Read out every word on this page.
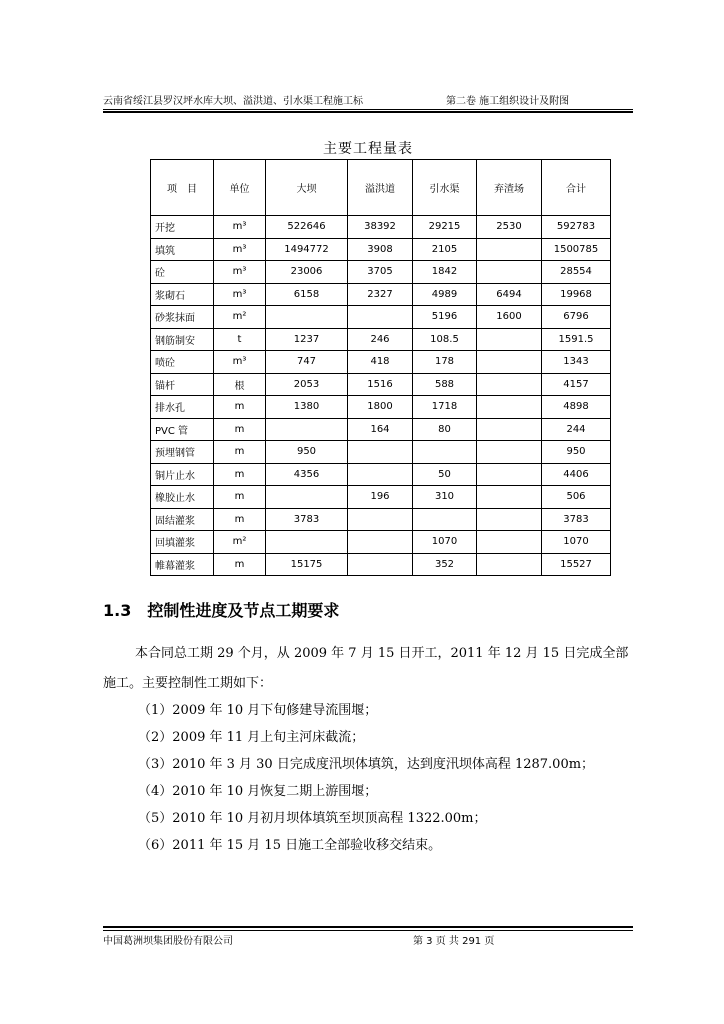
云南省绥江县罗汉坪水库大坝、溢洪道、引水渠工程施工标	第二卷 施工组织设计及附图
主要工程量表
项　目	单位	大坝	溢洪道	引水渠	弃渣场	合计
开挖	m³	522646	38392	29215	2530	592783
填筑	m³	1494772	3908	2105		1500785
砼	m³	23006	3705	1842		28554
浆砌石	m³	6158	2327	4989	6494	19968
砂浆抹面	m²			5196	1600	6796
钢筋制安	t	1237	246	108.5		1591.5
喷砼	m³	747	418	178		1343
锚杆	根	2053	1516	588		4157
排水孔	m	1380	1800	1718		4898
PVC 管	m		164	80		244
预埋钢管	m	950				950
铜片止水	m	4356		50		4406
橡胶止水	m		196	310		506
固结灌浆	m	3783				3783
回填灌浆	m²			1070		1070
帷幕灌浆	m	15175		352		15527
1.3 控制性进度及节点工期要求
本合同总工期 29 个月，从 2009 年 7 月 15 日开工，2011 年 12 月 15 日完成全部
施工。主要控制性工期如下：
（1）2009 年 10 月下旬修建导流围堰；
（2）2009 年 11 月上旬主河床截流；
（3）2010 年 3 月 30 日完成度汛坝体填筑，达到度汛坝体高程 1287.00m；
（4）2010 年 10 月恢复二期上游围堰；
（5）2010 年 10 月初月坝体填筑至坝顶高程 1322.00m；
（6）2011 年 15 月 15 日施工全部验收移交结束。
中国葛洲坝集团股份有限公司	第 3 页 共 291 页
